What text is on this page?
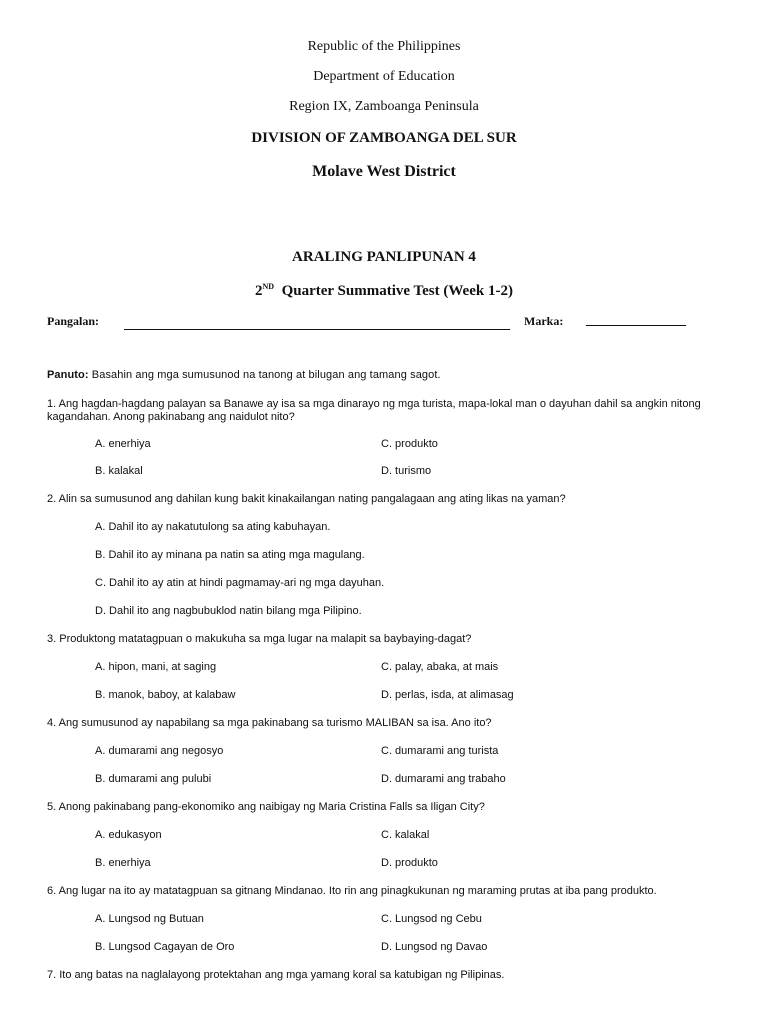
Republic of the Philippines
Department of Education
Region IX, Zamboanga Peninsula
DIVISION OF ZAMBOANGA DEL SUR
Molave West District
ARALING PANLIPUNAN 4
2ND Quarter Summative Test (Week 1-2)
Pangalan:	Marka:
Panuto: Basahin ang mga sumusunod na tanong at bilugan ang tamang sagot.
1. Ang hagdan-hagdang palayan sa Banawe ay isa sa mga dinarayo ng mga turista, mapa-lokal man o dayuhan dahil sa angkin nitong kagandahan. Anong pakinabang ang naidulot nito?
A. enerhiya	C. produkto
B. kalakal	D. turismo
2. Alin sa sumusunod ang dahilan kung bakit kinakailangan nating pangalagaan ang ating likas na yaman?
A. Dahil ito ay nakatutulong sa ating kabuhayan.
B. Dahil ito ay minana pa natin sa ating mga magulang.
C. Dahil ito ay atin at hindi pagmamay-ari ng mga dayuhan.
D. Dahil ito ang nagbubuklod natin bilang mga Pilipino.
3. Produktong matatagpuan o makukuha sa mga lugar na malapit sa baybaying-dagat?
A. hipon, mani, at saging	C. palay, abaka, at mais
B. manok, baboy, at kalabaw	D. perlas, isda, at alimasag
4. Ang sumusunod ay napabilang sa mga pakinabang sa turismo MALIBAN sa isa. Ano ito?
A. dumarami ang negosyo	C. dumarami ang turista
B. dumarami ang pulubi	D. dumarami ang trabaho
5. Anong pakinabang pang-ekonomiko ang naibigay ng Maria Cristina Falls sa Iligan City?
A. edukasyon	C. kalakal
B. enerhiya	D. produkto
6. Ang lugar na ito ay matatagpuan sa gitnang Mindanao. Ito rin ang pinagkukunan ng maraming prutas at iba pang produkto.
A. Lungsod ng Butuan	C. Lungsod ng Cebu
B. Lungsod Cagayan de Oro	D. Lungsod ng Davao
7. Ito ang batas na naglalayong protektahan ang mga yamang koral sa katubigan ng Pilipinas.
